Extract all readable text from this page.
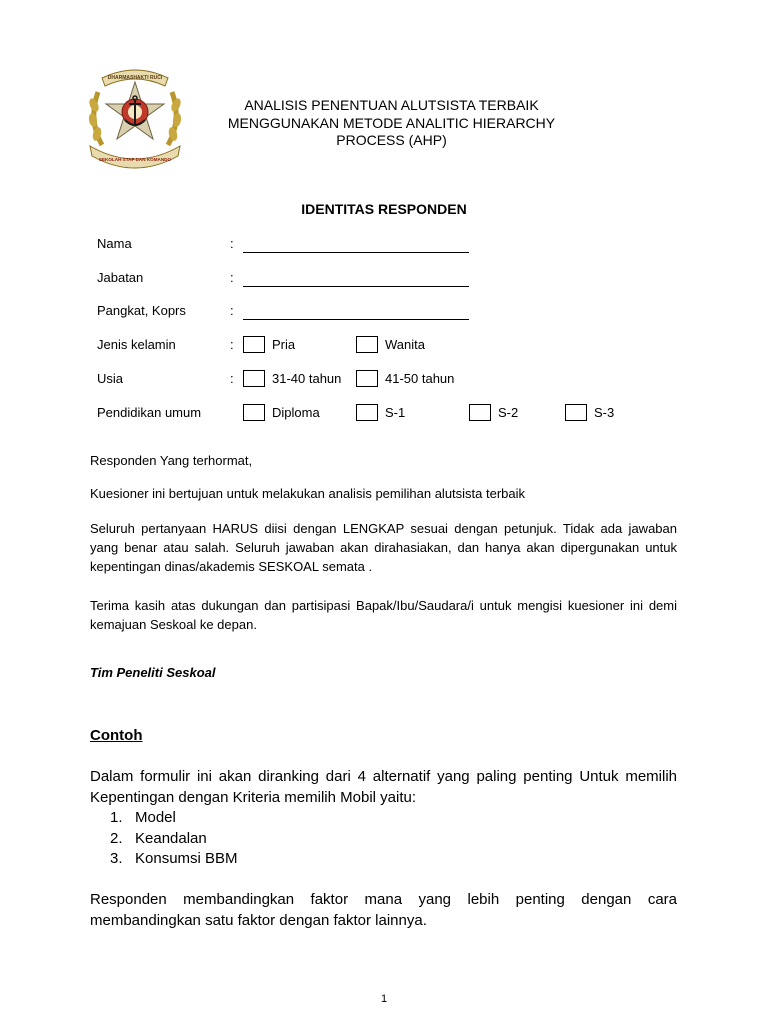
DHARMASHAKTI RUCI
SEKOLAH STAF DAN KOMANDO
ANALISIS PENENTUAN ALUTSISTA TERBAIK
MENGGUNAKAN METODE ANALITIC HIERARCHY
PROCESS (AHP)
IDENTITAS RESPONDEN
Nama	:
Jabatan	:
Pangkat, Koprs	:
Jenis kelamin	:	Pria	Wanita
Usia	:	31-40 tahun	41-50 tahun
Pendidikan umum	Diploma	S-1	S-2	S-3
Responden Yang terhormat,
Kuesioner ini bertujuan untuk melakukan analisis pemilihan alutsista terbaik
Seluruh pertanyaan HARUS diisi dengan LENGKAP sesuai dengan petunjuk. Tidak ada jawaban yang benar atau salah. Seluruh jawaban akan dirahasiakan, dan hanya akan dipergunakan untuk kepentingan dinas/akademis SESKOAL semata .
Terima kasih atas dukungan dan partisipasi Bapak/Ibu/Saudara/i untuk mengisi kuesioner ini demi kemajuan Seskoal ke depan.
Tim Peneliti Seskoal
Contoh
Dalam formulir ini akan diranking dari 4 alternatif yang paling penting Untuk memilih Kepentingan dengan Kriteria memilih Mobil yaitu:
1. Model
2. Keandalan
3. Konsumsi BBM
Responden membandingkan faktor mana yang lebih penting dengan cara membandingkan satu faktor dengan faktor lainnya.
1
